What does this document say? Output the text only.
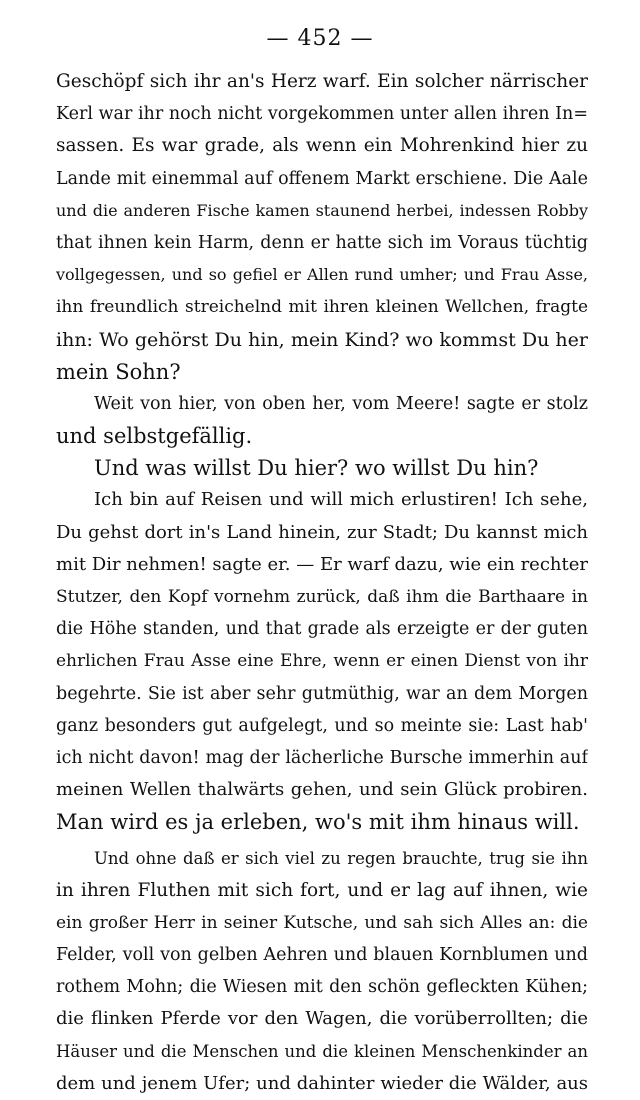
— 452 —
Geschöpf sich ihr an's Herz warf. Ein solcher närrischer
Kerl war ihr noch nicht vorgekommen unter allen ihren In=
sassen. Es war grade, als wenn ein Mohrenkind hier zu
Lande mit einemmal auf offenem Markt erschiene. Die Aale
und die anderen Fische kamen staunend herbei, indessen Robby
that ihnen kein Harm, denn er hatte sich im Voraus tüchtig
vollgegessen, und so gefiel er Allen rund umher; und Frau Asse,
ihn freundlich streichelnd mit ihren kleinen Wellchen, fragte
ihn: Wo gehörst Du hin, mein Kind? wo kommst Du her
mein Sohn?
Weit von hier, von oben her, vom Meere! sagte er stolz
und selbstgefällig.
Und was willst Du hier? wo willst Du hin?
Ich bin auf Reisen und will mich erlustiren! Ich sehe,
Du gehst dort in's Land hinein, zur Stadt; Du kannst mich
mit Dir nehmen! sagte er. — Er warf dazu, wie ein rechter
Stutzer, den Kopf vornehm zurück, daß ihm die Barthaare in
die Höhe standen, und that grade als erzeigte er der guten
ehrlichen Frau Asse eine Ehre, wenn er einen Dienst von ihr
begehrte. Sie ist aber sehr gutmüthig, war an dem Morgen
ganz besonders gut aufgelegt, und so meinte sie: Last hab'
ich nicht davon! mag der lächerliche Bursche immerhin auf
meinen Wellen thalwärts gehen, und sein Glück probiren.
Man wird es ja erleben, wo's mit ihm hinaus will.
Und ohne daß er sich viel zu regen brauchte, trug sie ihn
in ihren Fluthen mit sich fort, und er lag auf ihnen, wie
ein großer Herr in seiner Kutsche, und sah sich Alles an: die
Felder, voll von gelben Aehren und blauen Kornblumen und
rothem Mohn; die Wiesen mit den schön gefleckten Kühen;
die flinken Pferde vor den Wagen, die vorüberrollten; die
Häuser und die Menschen und die kleinen Menschenkinder an
dem und jenem Ufer; und dahinter wieder die Wälder, aus
